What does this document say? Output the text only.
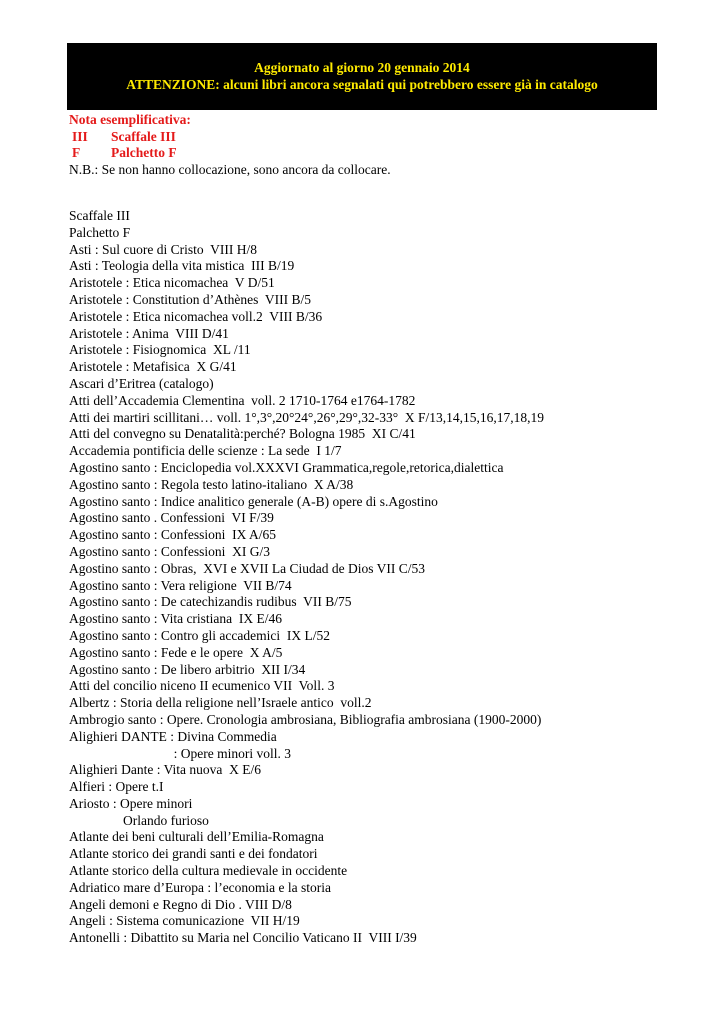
Aggiornato al giorno 20 gennaio 2014
ATTENZIONE: alcuni libri ancora segnalati qui potrebbero essere già in catalogo
Nota esemplificativa:
III Scaffale III
F Palchetto F
N.B.: Se non hanno collocazione, sono ancora da collocare.
Scaffale III
Palchetto F
Asti : Sul cuore di Cristo  VIII H/8
Asti : Teologia della vita mistica  III B/19
Aristotele : Etica nicomachea  V D/51
Aristotele : Constitution d’Athènes  VIII B/5
Aristotele : Etica nicomachea voll.2  VIII B/36
Aristotele : Anima  VIII D/41
Aristotele : Fisiognomica  XL /11
Aristotele : Metafisica  X G/41
Ascari d’Eritrea (catalogo)
Atti dell’Accademia Clementina  voll. 2 1710-1764 e1764-1782
Atti dei martiri scillitani… voll. 1°,3°,20°24°,26°,29°,32-33°  X F/13,14,15,16,17,18,19
Atti del convegno su Denatalità:perché? Bologna 1985  XI C/41
Accademia pontificia delle scienze : La sede  I 1/7
Agostino santo : Enciclopedia vol.XXXVI Grammatica,regole,retorica,dialettica
Agostino santo : Regola testo latino-italiano  X A/38
Agostino santo : Indice analitico generale (A-B) opere di s.Agostino
Agostino santo . Confessioni  VI F/39
Agostino santo : Confessioni  IX A/65
Agostino santo : Confessioni  XI G/3
Agostino santo : Obras,  XVI e XVII La Ciudad de Dios VII C/53
Agostino santo : Vera religione  VII B/74
Agostino santo : De catechizandis rudibus  VII B/75
Agostino santo : Vita cristiana  IX E/46
Agostino santo : Contro gli accademici  IX L/52
Agostino santo : Fede e le opere  X A/5
Agostino santo : De libero arbitrio  XII I/34
Atti del concilio niceno II ecumenico VII  Voll. 3
Albertz : Storia della religione nell’Israele antico  voll.2
Ambrogio santo : Opere. Cronologia ambrosiana, Bibliografia ambrosiana (1900-2000)
Alighieri DANTE : Divina Commedia
: Opere minori voll. 3
Alighieri Dante : Vita nuova  X E/6
Alfieri : Opere t.I
Ariosto : Opere minori
Orlando furioso
Atlante dei beni culturali dell’Emilia-Romagna
Atlante storico dei grandi santi e dei fondatori
Atlante storico della cultura medievale in occidente
Adriatico mare d’Europa : l’economia e la storia
Angeli demoni e Regno di Dio . VIII D/8
Angeli : Sistema comunicazione  VII H/19
Antonelli : Dibattito su Maria nel Concilio Vaticano II  VIII I/39
